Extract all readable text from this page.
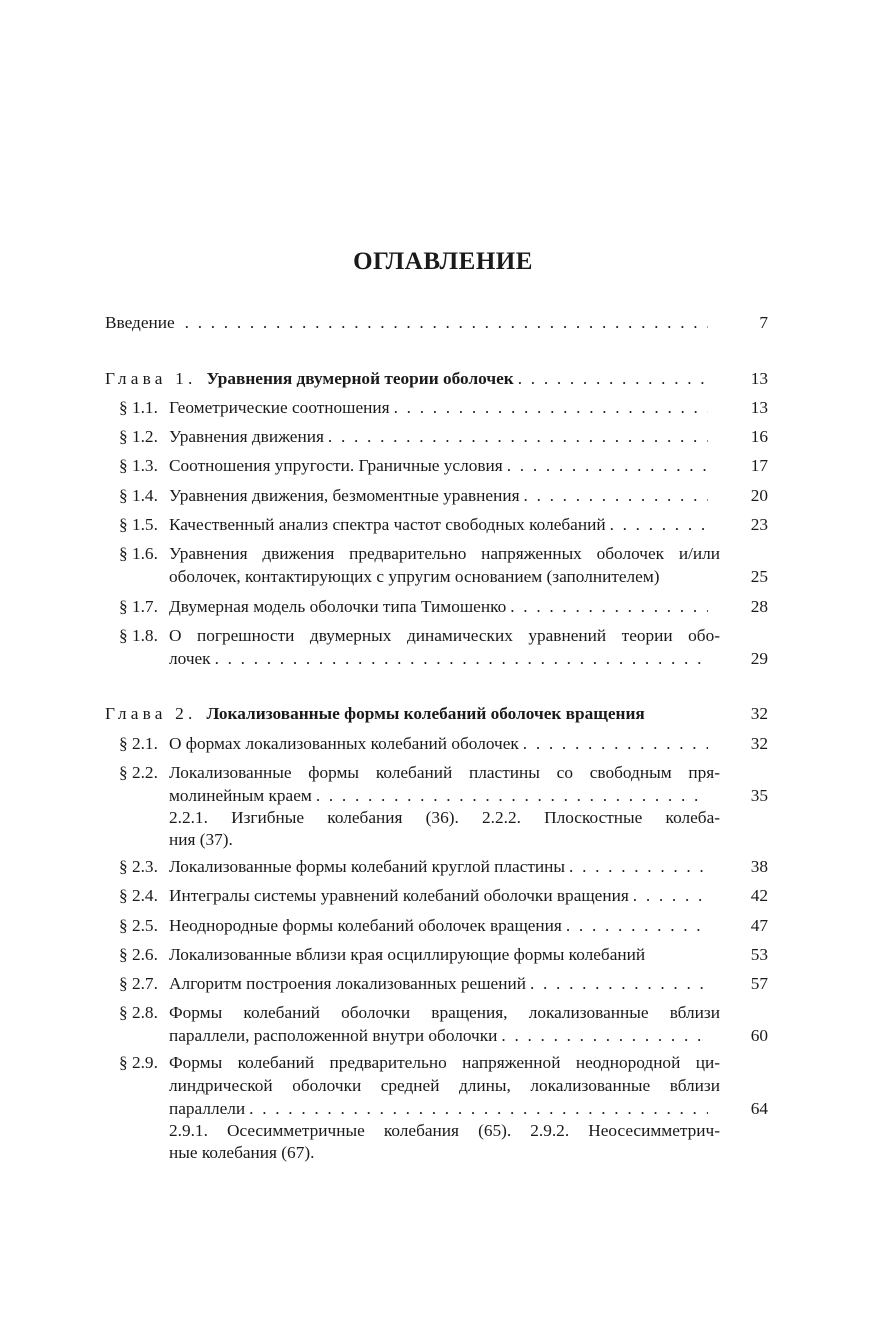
ОГЛАВЛЕНИЕ
Введение . . .	7
Глава 1. Уравнения двумерной теории оболочек . . .	13
§ 1.1. Геометрические соотношения . . .	13
§ 1.2. Уравнения движения . . .	16
§ 1.3. Соотношения упругости. Граничные условия . . .	17
§ 1.4. Уравнения движения, безмоментные уравнения . . .	20
§ 1.5. Качественный анализ спектра частот свободных колебаний . . .	23
§ 1.6. Уравнения движения предварительно напряженных оболочек и/или
оболочек, контактирующих с упругим основанием (заполнителем)	25
§ 1.7. Двумерная модель оболочки типа Тимошенко . . .	28
§ 1.8. О погрешности двумерных динамических уравнений теории обо-
лочек . . .	29
Глава 2. Локализованные формы колебаний оболочек вращения	32
§ 2.1. О формах локализованных колебаний оболочек . . .	32
§ 2.2. Локализованные формы колебаний пластины со свободным пря-
молинейным краем . . .	35
2.2.1. Изгибные колебания (36). 2.2.2. Плоскостные колеба-
ния (37).
§ 2.3. Локализованные формы колебаний круглой пластины . . .	38
§ 2.4. Интегралы системы уравнений колебаний оболочки вращения . . .	42
§ 2.5. Неоднородные формы колебаний оболочек вращения . . .	47
§ 2.6. Локализованные вблизи края осциллирующие формы колебаний	53
§ 2.7. Алгоритм построения локализованных решений . . .	57
§ 2.8. Формы колебаний оболочки вращения, локализованные вблизи
параллели, расположенной внутри оболочки . . .	60
§ 2.9. Формы колебаний предварительно напряженной неоднородной ци-
линдрической оболочки средней длины, локализованные вблизи
параллели . . .	64
2.9.1. Осесимметричные колебания (65). 2.9.2. Неосесимметрич-
ные колебания (67).
